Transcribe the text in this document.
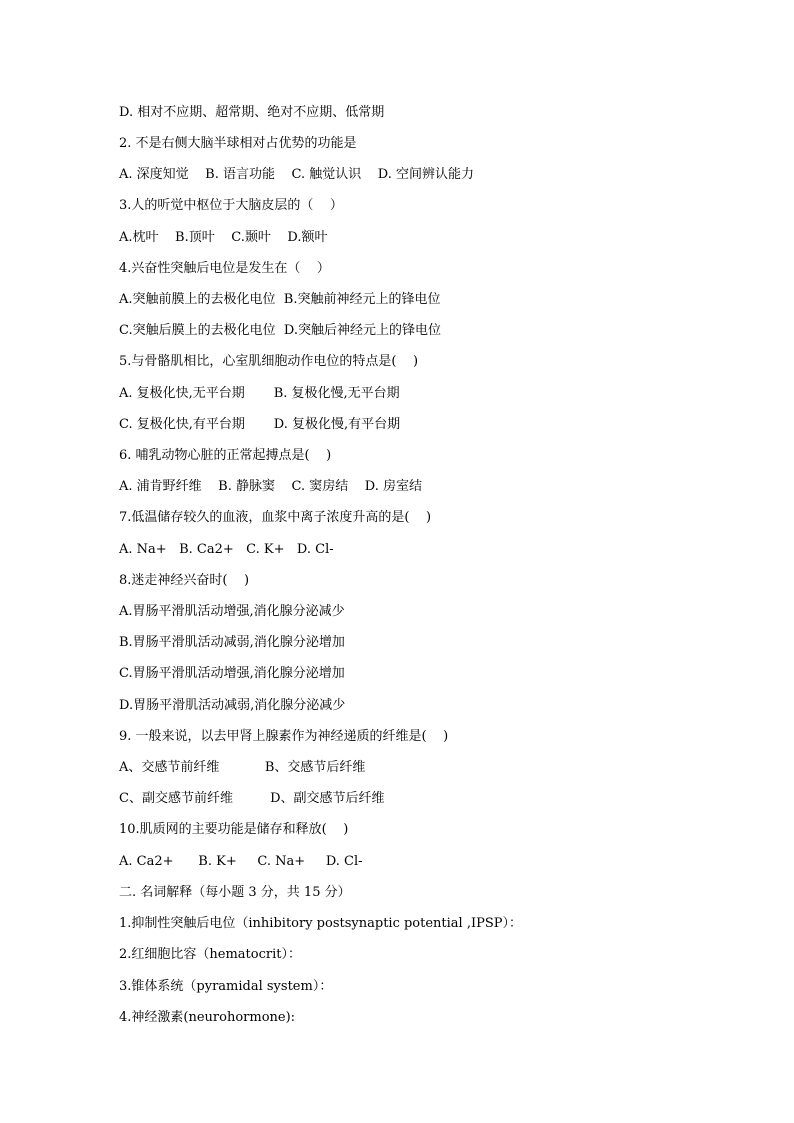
D. 相对不应期、超常期、绝对不应期、低常期
2. 不是右侧大脑半球相对占优势的功能是
A. 深度知觉    B. 语言功能    C. 触觉认识    D. 空间辨认能力
3.人的听觉中枢位于大脑皮层的（    ）
A.枕叶    B.顶叶    C.颞叶    D.额叶
4.兴奋性突触后电位是发生在（    ）
A.突触前膜上的去极化电位  B.突触前神经元上的锋电位
C.突触后膜上的去极化电位  D.突触后神经元上的锋电位
5.与骨骼肌相比，心室肌细胞动作电位的特点是(    )
A. 复极化快,无平台期       B. 复极化慢,无平台期
C. 复极化快,有平台期       D. 复极化慢,有平台期
6. 哺乳动物心脏的正常起搏点是(    )
A. 浦肯野纤维    B. 静脉窦    C. 窦房结    D. 房室结
7.低温储存较久的血液，血浆中离子浓度升高的是(    )
A. Na+   B. Ca2+   C. K+   D. Cl-
8.迷走神经兴奋时(    )
A.胃肠平滑肌活动增强,消化腺分泌减少
B.胃肠平滑肌活动减弱,消化腺分泌增加
C.胃肠平滑肌活动增强,消化腺分泌增加
D.胃肠平滑肌活动减弱,消化腺分泌减少
9. 一般来说，以去甲肾上腺素作为神经递质的纤维是(    )
A、交感节前纤维           B、交感节后纤维
C、副交感节前纤维         D、副交感节后纤维
10.肌质网的主要功能是储存和释放(    )
A. Ca2+      B. K+     C. Na+     D. Cl-
二. 名词解释（每小题 3 分，共 15 分）
1.抑制性突触后电位（inhibitory postsynaptic potential ,IPSP）：
2.红细胞比容（hematocrit）：
3.锥体系统（pyramidal system）：
4.神经激素(neurohormone):
